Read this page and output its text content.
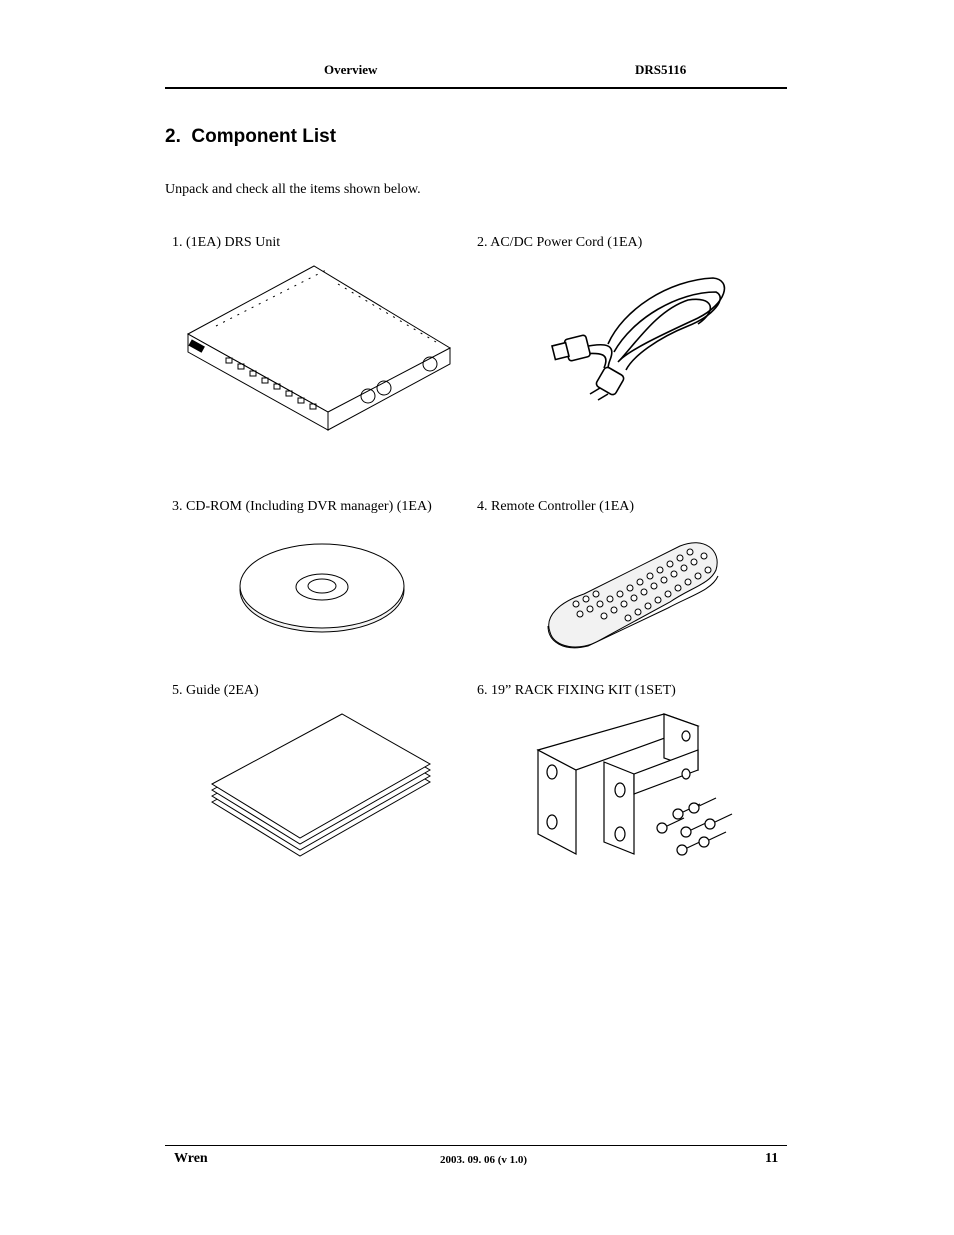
Overview	DRS5116
2. Component List
Unpack and check all the items shown below.
1. (1EA) DRS Unit	2. AC/DC Power Cord (1EA)
3. CD-ROM (Including DVR manager) (1EA)	4. Remote Controller (1EA)
5. Guide (2EA)	6. 19” RACK FIXING KIT (1SET)
Wren	2003. 09. 06 (v 1.0)	11
